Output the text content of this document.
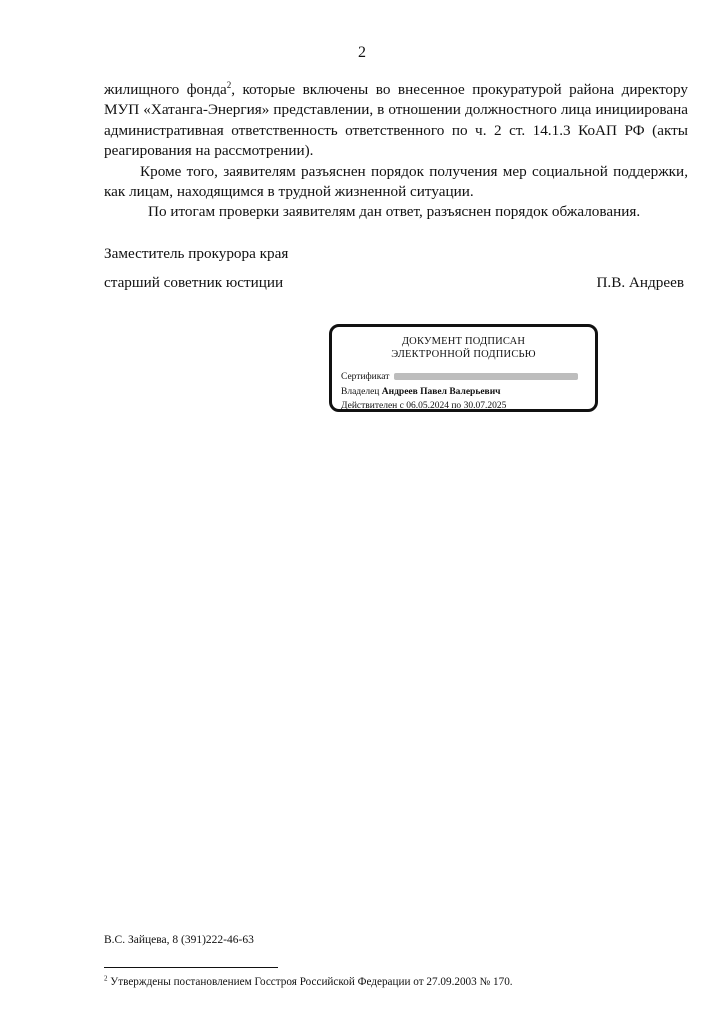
2

жилищного фонда$^2$, которые включены во внесенное прокуратурой района директору МУП «Хатанга-Энергия» представлении, в отношении должностного лица инициирована административная ответственность ответственного по ч. 2 ст. 14.1.3 КоАП РФ (акты реагирования на рассмотрении).

Кроме того, заявителям разъяснен порядок получения мер социальной поддержки, как лицам, находящимся в трудной жизненной ситуации.

По итогам проверки заявителям дан ответ, разъяснен порядок обжалования.

Заместитель прокурора края
старший советник юстиции	П.В. Андреев
ДОКУМЕНТ ПОДПИСАН
ЭЛЕКТРОННОЙ ПОДПИСЬЮ
Сертификат
Владелец Андреев Павел Валерьевич
Действителен с 06.05.2024 по 30.07.2025
В.С. Зайцева, 8 (391)222-46-63
$^2$ Утверждены постановлением Госстроя Российской Федерации от 27.09.2003 № 170.
